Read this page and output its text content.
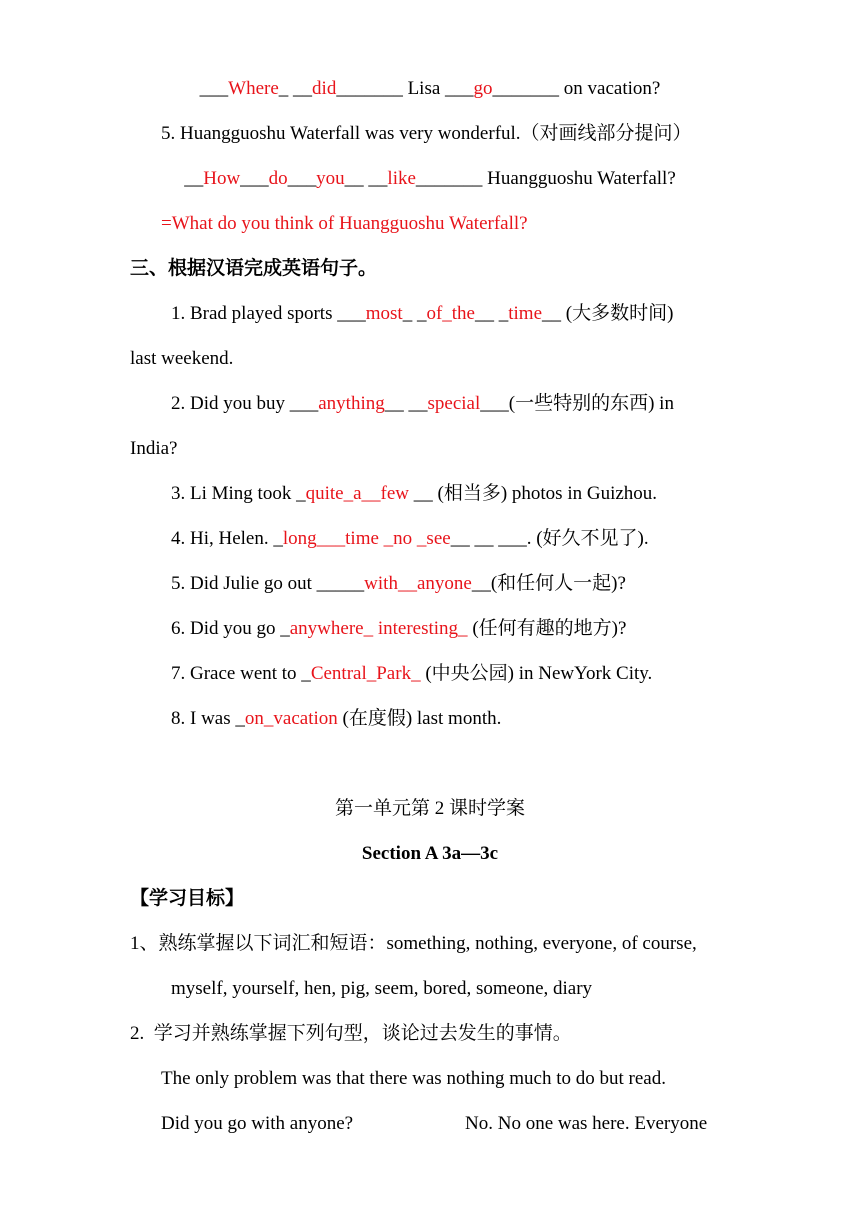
___Where_ __did_______ Lisa ___go_______ on vacation?
5. Huangguoshu Waterfall was very wonderful.（对画线部分提问）
__How___do___you__ __like_______ Huangguoshu Waterfall?
=What do you think of Huangguoshu Waterfall?
三、根据汉语完成英语句子。
1. Brad played sports ___most_ _of_the__ _time__ (大多数时间)
last weekend.
2. Did you buy ___anything__ __special___(一些特别的东西) in
India?
3. Li Ming took _quite_a__few __ (相当多) photos in Guizhou.
4. Hi, Helen. _long___time _no _see__ __ ___. (好久不见了).
5. Did Julie go out _____with__anyone__(和任何人一起)?
6. Did you go _anywhere_ interesting_ (任何有趣的地方)?
7. Grace went to _Central_Park_ (中央公园) in NewYork City.
8. I was _on_vacation (在度假) last month.
第一单元第 2 课时学案
Section A 3a—3c
【学习目标】
1、熟练掌握以下词汇和短语：something, nothing, everyone, of course,
myself, yourself, hen, pig, seem, bored, someone, diary
2.  学习并熟练掌握下列句型，谈论过去发生的事情。
The only problem was that there was nothing much to do but read.
Did you go with anyone?	No. No one was here. Everyone
